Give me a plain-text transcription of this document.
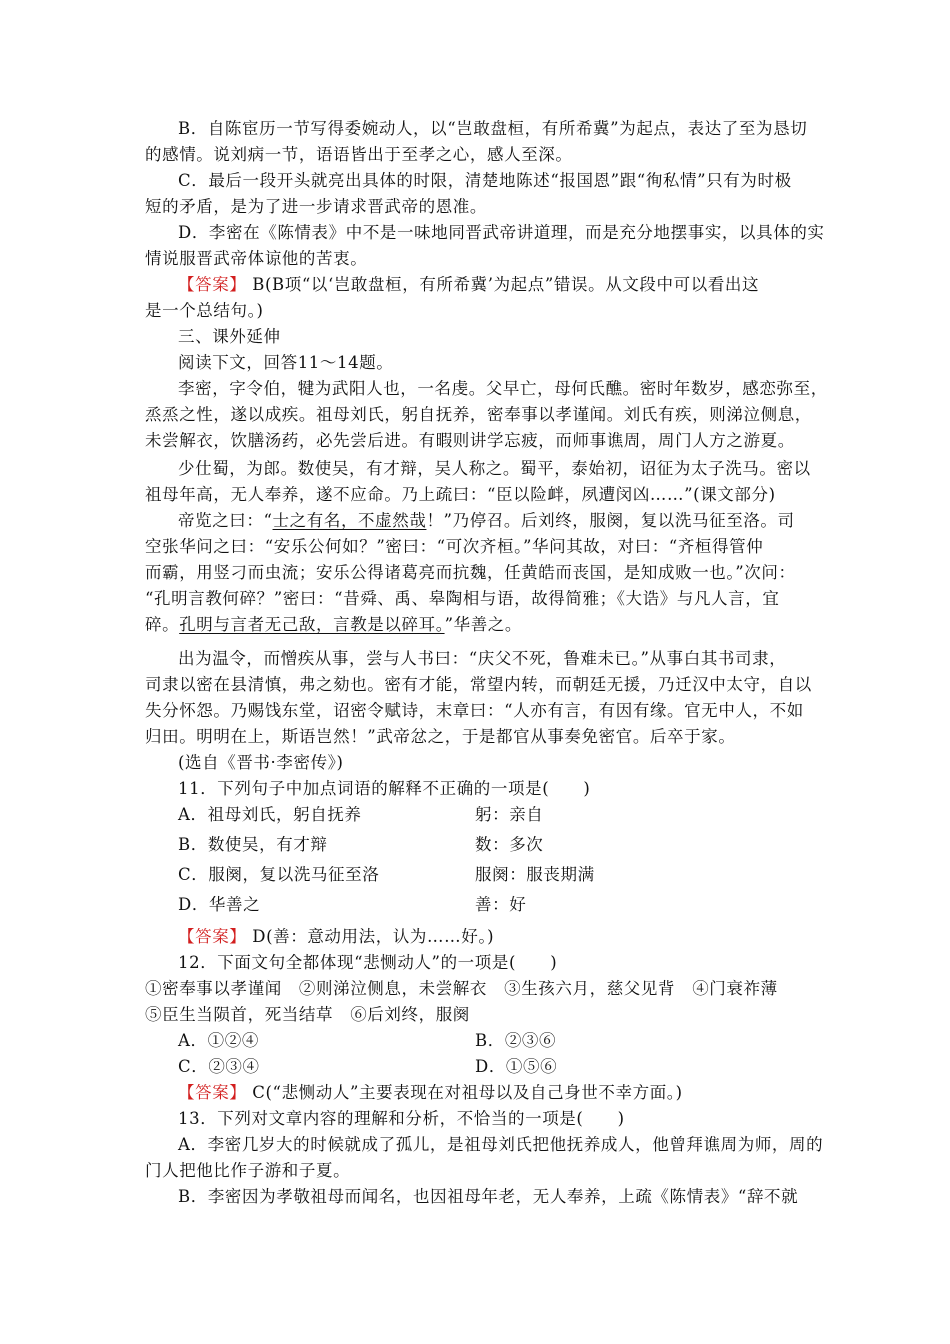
B．自陈宦历一节写得委婉动人，以“岂敢盘桓，有所希冀”为起点，表达了至为恳切
的感情。说刘病一节，语语皆出于至孝之心，感人至深。
C．最后一段开头就亮出具体的时限，清楚地陈述“报国恩”跟“徇私情”只有为时极
短的矛盾，是为了进一步请求晋武帝的恩准。
D．李密在《陈情表》中不是一味地同晋武帝讲道理，而是充分地摆事实，以具体的实
情说服晋武帝体谅他的苦衷。
【答案】 B(B项“以‘岂敢盘桓，有所希冀’为起点”错误。从文段中可以看出这
是一个总结句。)
三、课外延伸
阅读下文，回答11～14题。
李密，字令伯，犍为武阳人也，一名虔。父早亡，母何氏醮。密时年数岁，感恋弥至，
烝烝之性，遂以成疾。祖母刘氏，躬自抚养，密奉事以孝谨闻。刘氏有疾，则涕泣侧息，
未尝解衣，饮膳汤药，必先尝后进。有暇则讲学忘疲，而师事谯周，周门人方之游夏。
少仕蜀，为郎。数使吴，有才辩，吴人称之。蜀平，泰始初，诏征为太子洗马。密以
祖母年高，无人奉养，遂不应命。乃上疏曰：“臣以险衅，夙遭闵凶……”(课文部分)
帝览之曰：“士之有名，不虚然哉！”乃停召。后刘终，服阕，复以洗马征至洛。司
空张华问之曰：“安乐公何如？”密曰：“可次齐桓。”华问其故，对曰：“齐桓得管仲
而霸，用竖刁而虫流；安乐公得诸葛亮而抗魏，任黄皓而丧国，是知成败一也。”次问：
“孔明言教何碎？”密曰：“昔舜、禹、皋陶相与语，故得简雅；《大诰》与凡人言，宜
碎。孔明与言者无己敌，言教是以碎耳。”华善之。
出为温令，而憎疾从事，尝与人书曰：“庆父不死，鲁难未已。”从事白其书司隶，
司隶以密在县清慎，弗之劾也。密有才能，常望内转，而朝廷无援，乃迁汉中太守，自以
失分怀怨。乃赐饯东堂，诏密令赋诗，末章曰：“人亦有言，有因有缘。官无中人，不如
归田。明明在上，斯语岂然！”武帝忿之，于是都官从事奏免密官。后卒于家。
(选自《晋书·李密传》)
11．下列句子中加点词语的解释不正确的一项是(　　)
A．祖母刘氏，躬自抚养	躬：亲自
B．数使吴，有才辩	数：多次
C．服阕，复以洗马征至洛	服阕：服丧期满
D．华善之	善：好
【答案】 D(善：意动用法，认为……好。)
12．下面文句全都体现“悲恻动人”的一项是(　　)
①密奉事以孝谨闻　②则涕泣侧息，未尝解衣　③生孩六月，慈父见背　④门衰祚薄
⑤臣生当陨首，死当结草　⑥后刘终，服阕
A．①②④	B．②③⑥
C．②③④	D．①⑤⑥
【答案】 C(“悲恻动人”主要表现在对祖母以及自己身世不幸方面。)
13．下列对文章内容的理解和分析，不恰当的一项是(　　)
A．李密几岁大的时候就成了孤儿，是祖母刘氏把他抚养成人，他曾拜谯周为师，周的
门人把他比作子游和子夏。
B．李密因为孝敬祖母而闻名，也因祖母年老，无人奉养，上疏《陈情表》“辞不就
